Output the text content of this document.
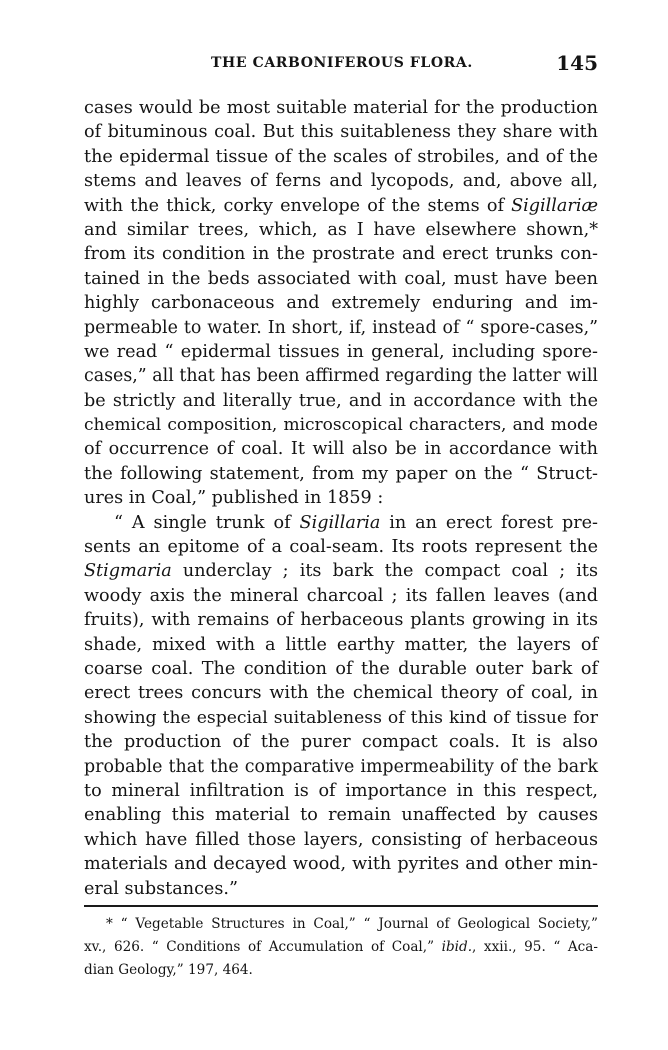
THE CARBONIFEROUS FLORA.	145
cases would be most suitable material for the production
of bituminous coal. But this suitableness they share with
the epidermal tissue of the scales of strobiles, and of the
stems and leaves of ferns and lycopods, and, above all,
with the thick, corky envelope of the stems of Sigillariæ
and similar trees, which, as I have elsewhere shown,*
from its condition in the prostrate and erect trunks con-
tained in the beds associated with coal, must have been
highly carbonaceous and extremely enduring and im-
permeable to water. In short, if, instead of “ spore-cases,”
we read “ epidermal tissues in general, including spore-
cases,” all that has been affirmed regarding the latter will
be strictly and literally true, and in accordance with the
chemical composition, microscopical characters, and mode
of occurrence of coal. It will also be in accordance with
the following statement, from my paper on the “ Struct-
ures in Coal,” published in 1859 :
“ A single trunk of Sigillaria in an erect forest pre-
sents an epitome of a coal-seam. Its roots represent the
Stigmaria underclay ; its bark the compact coal ; its
woody axis the mineral charcoal ; its fallen leaves (and
fruits), with remains of herbaceous plants growing in its
shade, mixed with a little earthy matter, the layers of
coarse coal. The condition of the durable outer bark of
erect trees concurs with the chemical theory of coal, in
showing the especial suitableness of this kind of tissue for
the production of the purer compact coals. It is also
probable that the comparative impermeability of the bark
to mineral infiltration is of importance in this respect,
enabling this material to remain unaffected by causes
which have filled those layers, consisting of herbaceous
materials and decayed wood, with pyrites and other min-
eral substances.”
* “ Vegetable Structures in Coal,” “ Journal of Geological Society,”
xv., 626. “ Conditions of Accumulation of Coal,” ibid., xxii., 95. “ Aca-
dian Geology,” 197, 464.
